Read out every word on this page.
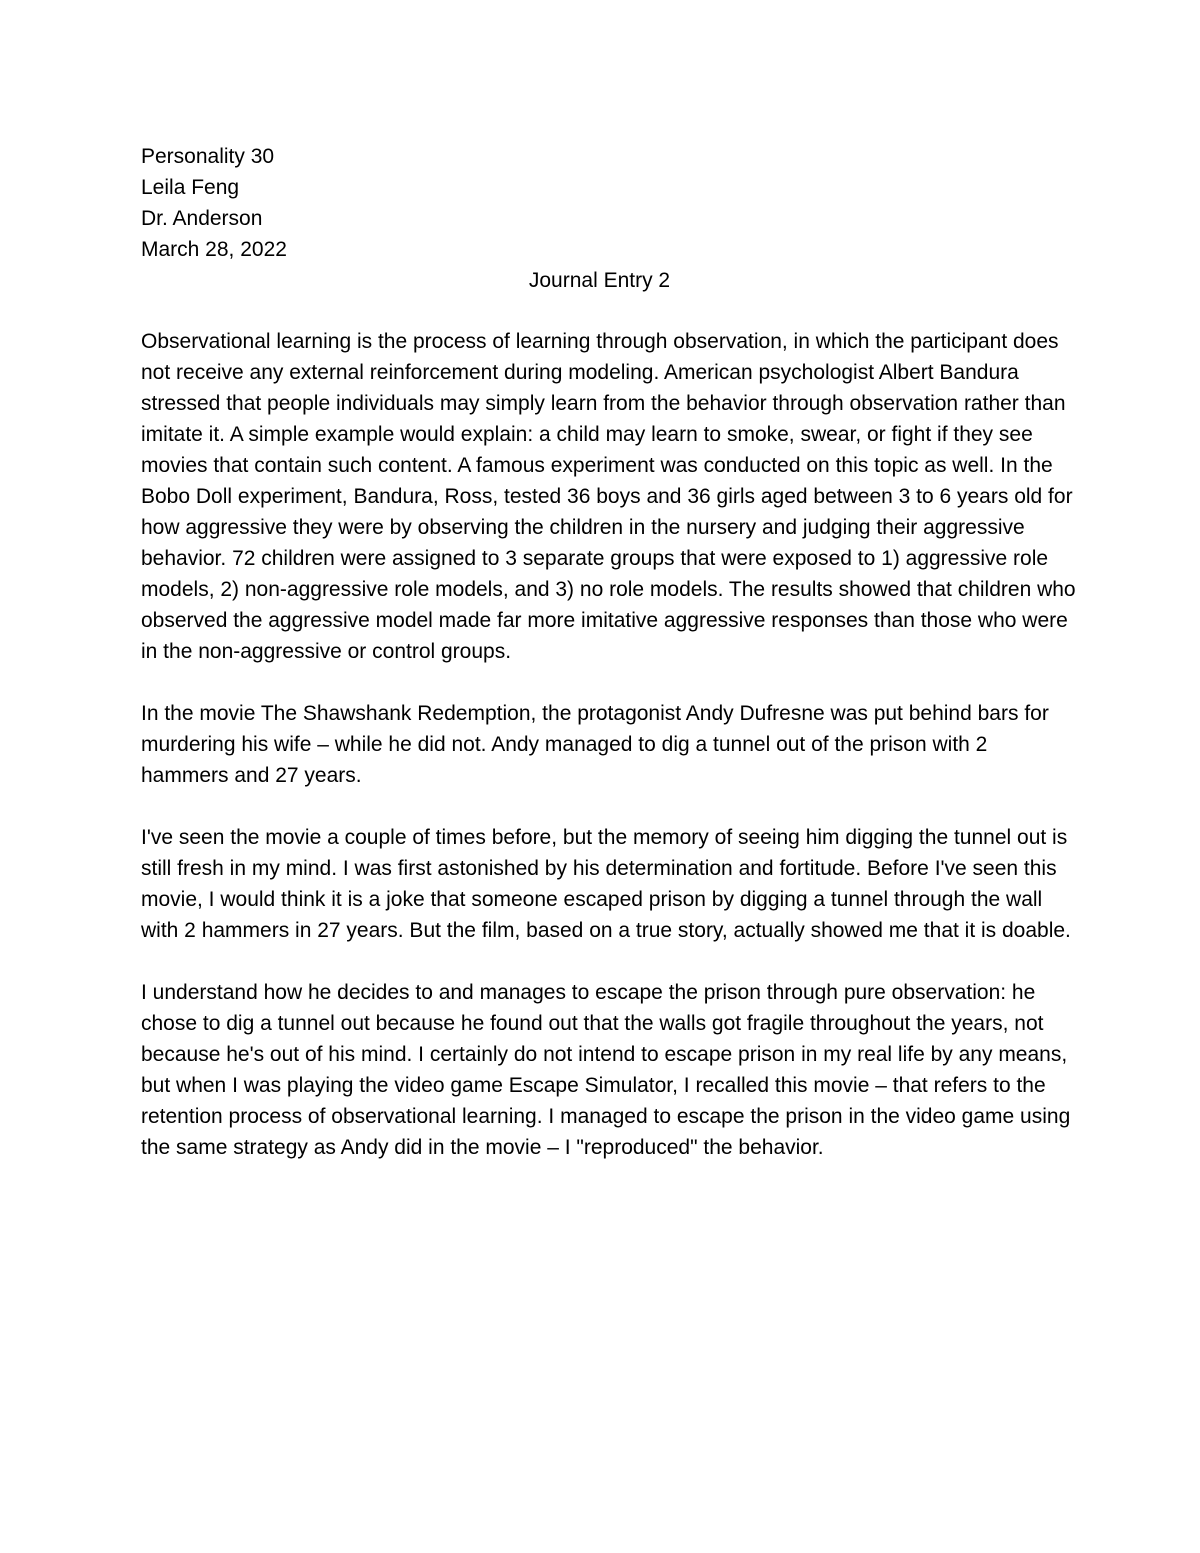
Personality 30
Leila Feng
Dr. Anderson
March 28, 2022
Journal Entry 2

Observational learning is the process of learning through observation, in which the participant does not receive any external reinforcement during modeling. American psychologist Albert Bandura stressed that people individuals may simply learn from the behavior through observation rather than imitate it. A simple example would explain: a child may learn to smoke, swear, or fight if they see movies that contain such content. A famous experiment was conducted on this topic as well. In the Bobo Doll experiment, Bandura, Ross, tested 36 boys and 36 girls aged between 3 to 6 years old for how aggressive they were by observing the children in the nursery and judging their aggressive behavior. 72 children were assigned to 3 separate groups that were exposed to 1) aggressive role models, 2) non-aggressive role models, and 3) no role models. The results showed that children who observed the aggressive model made far more imitative aggressive responses than those who were in the non-aggressive or control groups.

In the movie The Shawshank Redemption, the protagonist Andy Dufresne was put behind bars for murdering his wife – while he did not. Andy managed to dig a tunnel out of the prison with 2 hammers and 27 years.

I've seen the movie a couple of times before, but the memory of seeing him digging the tunnel out is still fresh in my mind. I was first astonished by his determination and fortitude. Before I've seen this movie, I would think it is a joke that someone escaped prison by digging a tunnel through the wall with 2 hammers in 27 years. But the film, based on a true story, actually showed me that it is doable.

I understand how he decides to and manages to escape the prison through pure observation: he chose to dig a tunnel out because he found out that the walls got fragile throughout the years, not because he's out of his mind. I certainly do not intend to escape prison in my real life by any means, but when I was playing the video game Escape Simulator, I recalled this movie – that refers to the retention process of observational learning. I managed to escape the prison in the video game using the same strategy as Andy did in the movie – I "reproduced" the behavior.
